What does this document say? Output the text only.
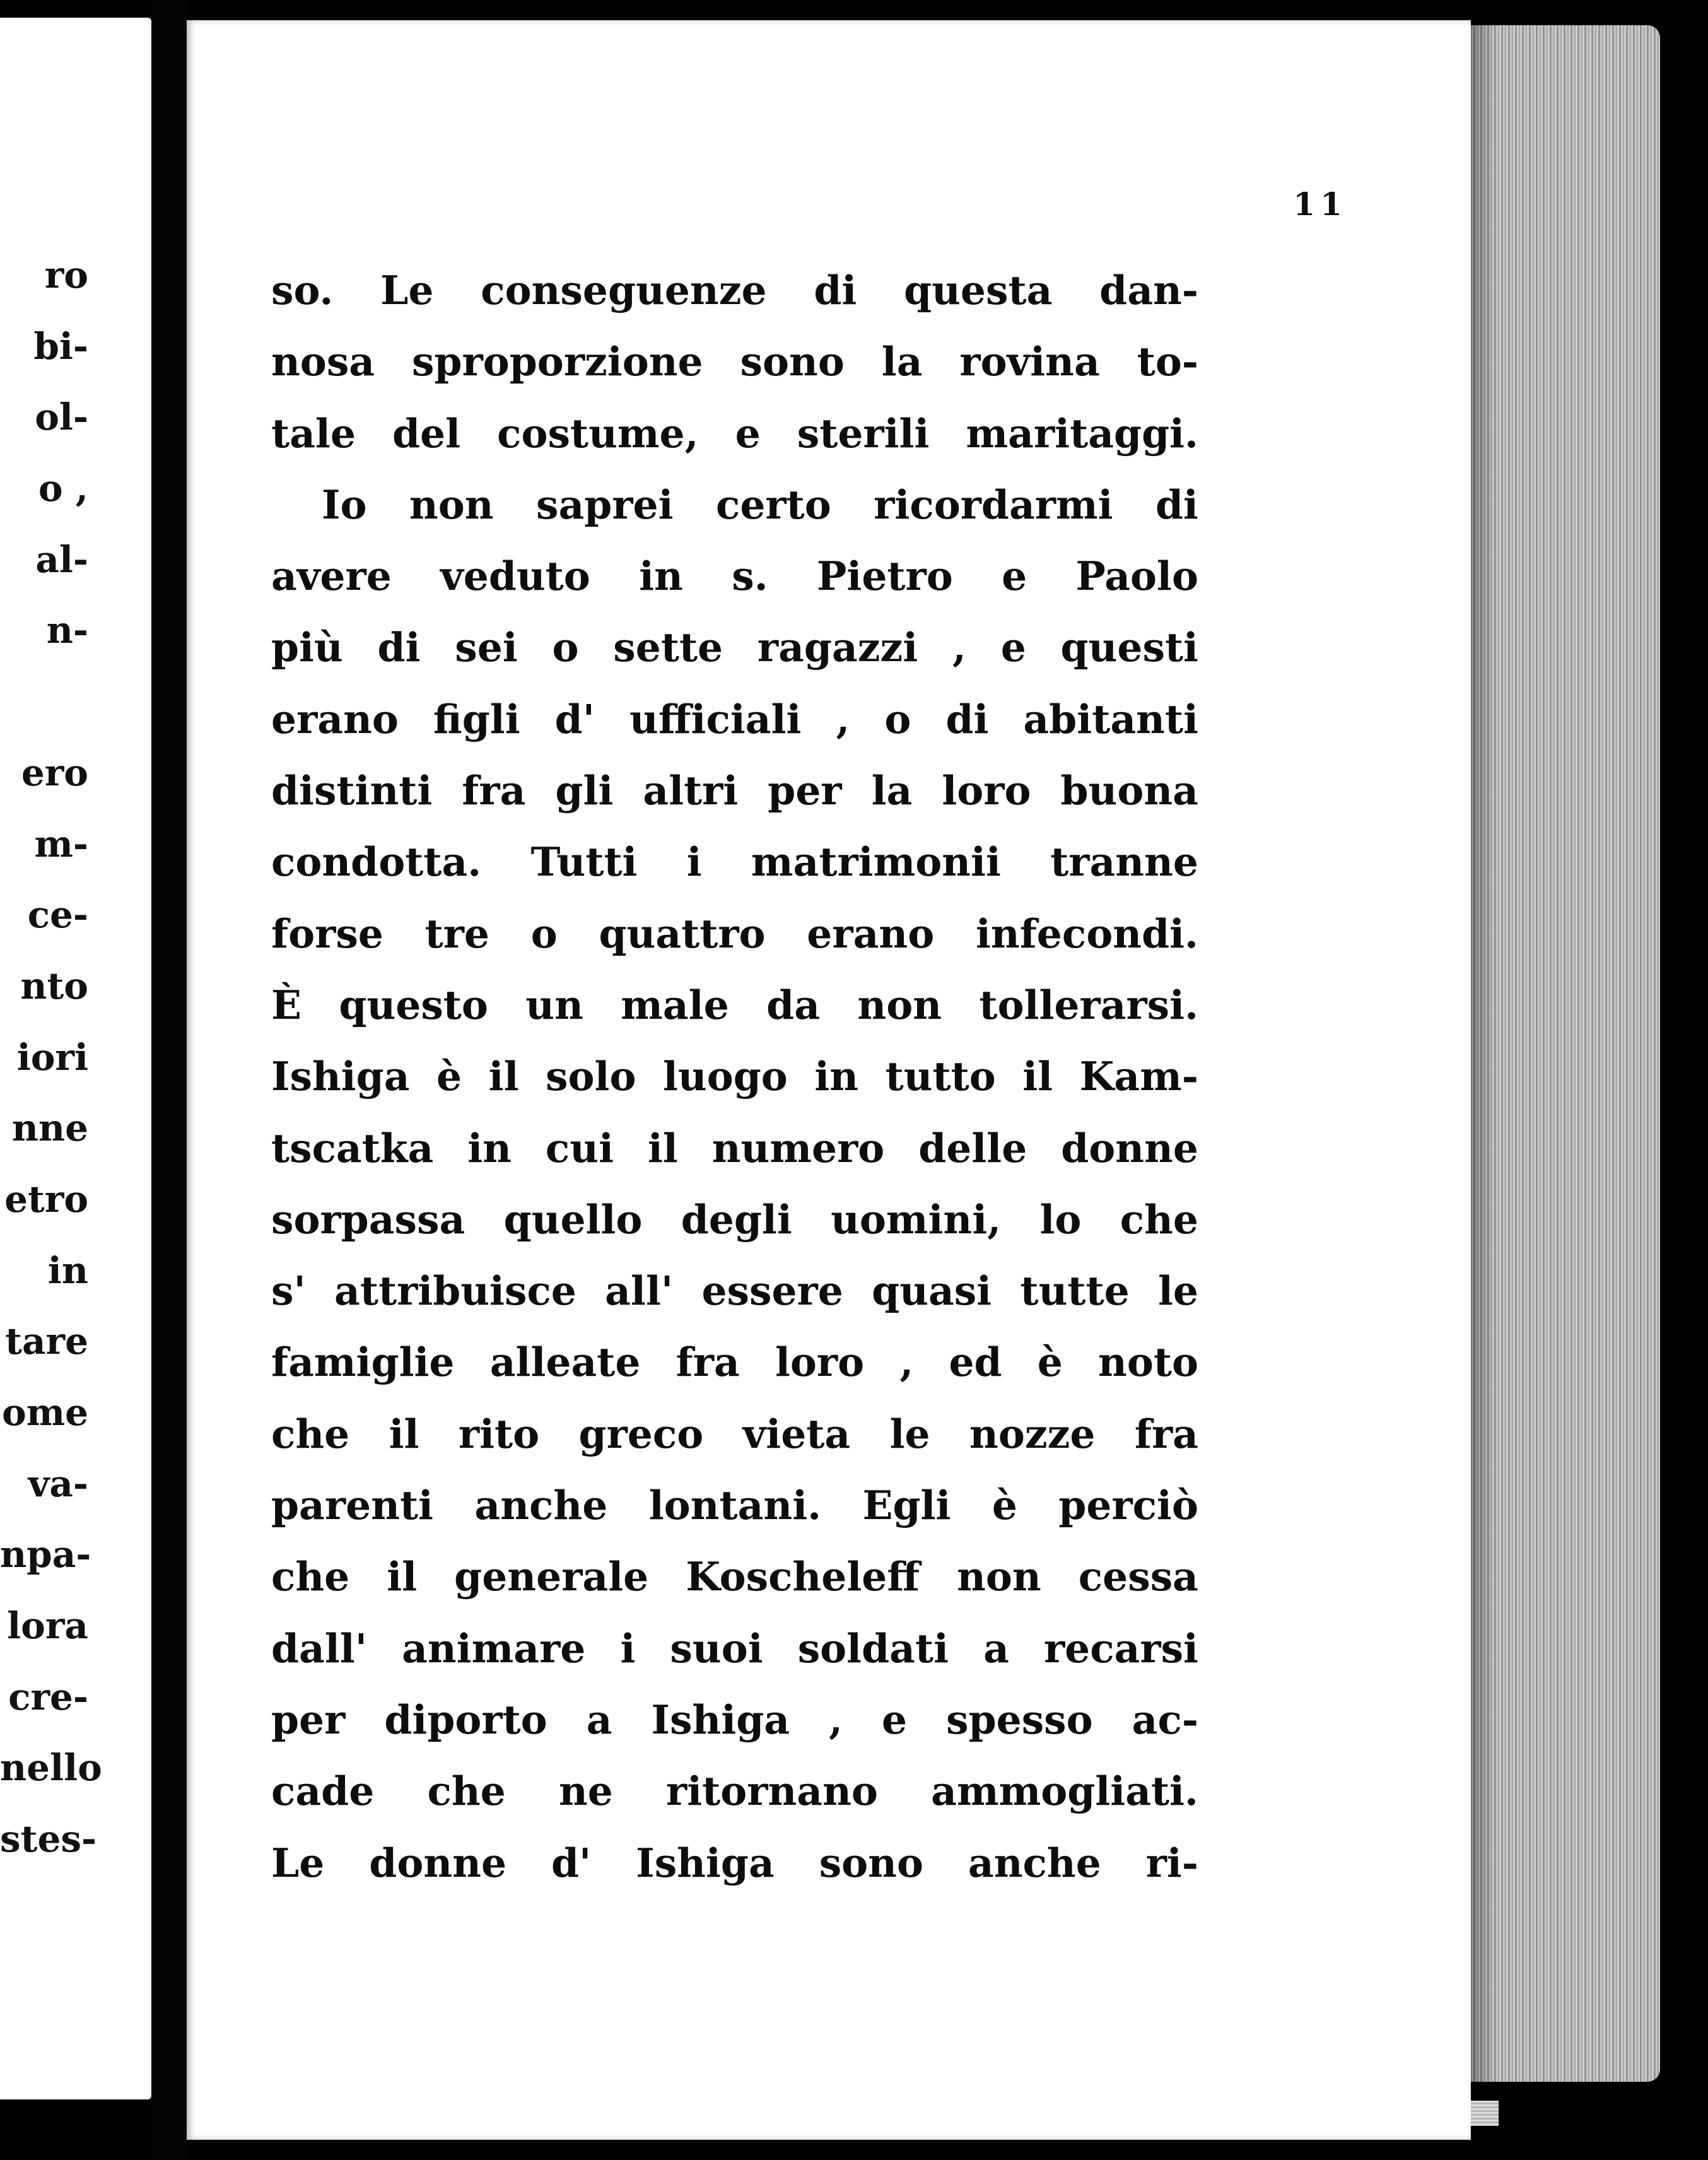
ro
bi-
ol-
o ,
al-
n-
ero
m-
ce-
nto
iori
nne
etro
in
tare
ome
va-
npa-
lora
cre-
nello
stes-
11
so. Le conseguenze di questa dan-
nosa sproporzione sono la rovina to-
tale del costume, e sterili maritaggi.
Io non saprei certo ricordarmi di
avere veduto in s. Pietro e Paolo
più di sei o sette ragazzi , e questi
erano figli d' ufficiali , o di abitanti
distinti fra gli altri per la loro buona
condotta. Tutti i matrimonii tranne
forse tre o quattro erano infecondi.
È questo un male da non tollerarsi.
Ishiga è il solo luogo in tutto il Kam-
tscatka in cui il numero delle donne
sorpassa quello degli uomini, lo che
s' attribuisce all' essere quasi tutte le
famiglie alleate fra loro , ed è noto
che il rito greco vieta le nozze fra
parenti anche lontani. Egli è perciò
che il generale Koscheleff non cessa
dall' animare i suoi soldati a recarsi
per diporto a Ishiga , e spesso ac-
cade che ne ritornano ammogliati.
Le donne d' Ishiga sono anche ri-
